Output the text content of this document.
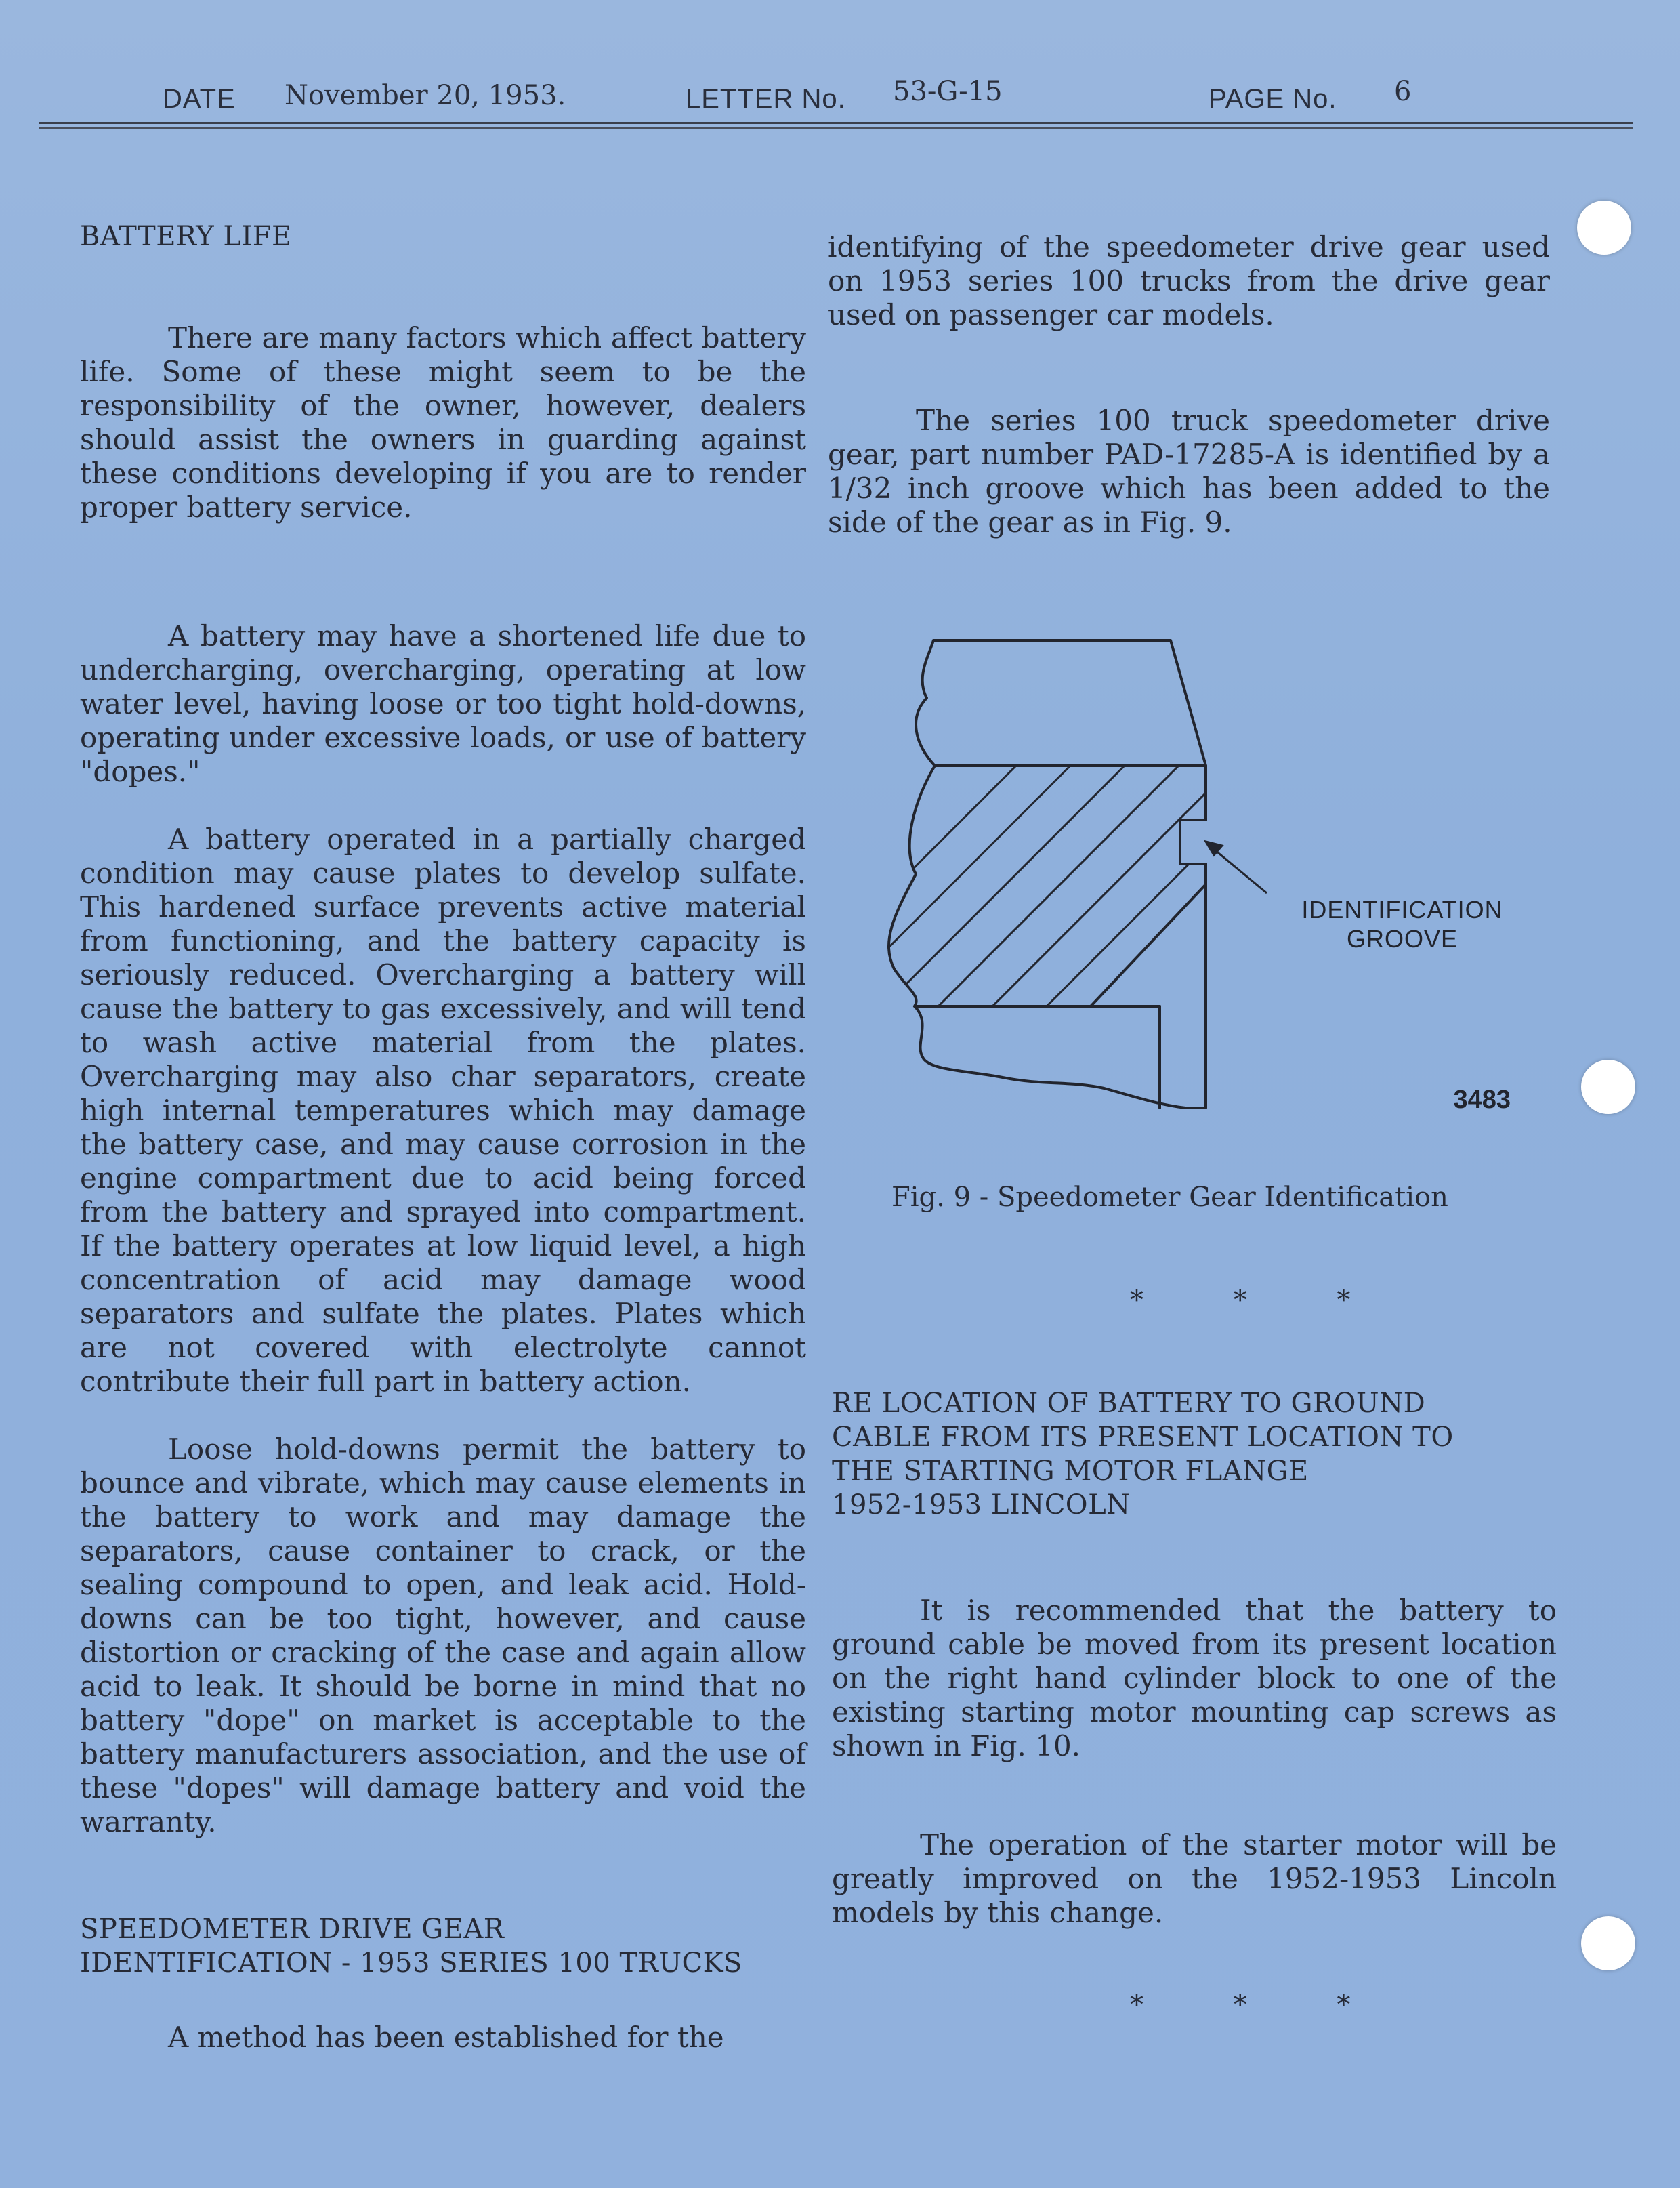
DATE November 20, 1953.	LETTER No. 53-G-15	PAGE No. 6

BATTERY LIFE

There are many factors which affect battery life. Some of these might seem to be the responsibility of the owner, however, dealers should assist the owners in guarding against these conditions developing if you are to render proper battery service.

A battery may have a shortened life due to undercharging, overcharging, operating at low water level, having loose or too tight hold-downs, operating under excessive loads, or use of battery "dopes."

A battery operated in a partially charged condition may cause plates to develop sulfate. This hardened surface prevents active material from functioning, and the battery capacity is seriously reduced. Overcharging a battery will cause the battery to gas excessively, and will tend to wash active material from the plates. Overcharging may also char separators, create high internal temperatures which may damage the battery case, and may cause corrosion in the engine compartment due to acid being forced from the battery and sprayed into compartment. If the battery operates at low liquid level, a high concentration of acid may damage wood separators and sulfate the plates. Plates which are not covered with electrolyte cannot contribute their full part in battery action.

Loose hold-downs permit the battery to bounce and vibrate, which may cause elements in the battery to work and may damage the separators, cause container to crack, or the sealing compound to open, and leak acid. Hold-downs can be too tight, however, and cause distortion or cracking of the case and again allow acid to leak. It should be borne in mind that no battery "dope" on market is acceptable to the battery manufacturers association, and the use of these "dopes" will damage battery and void the warranty.

SPEEDOMETER DRIVE GEAR

IDENTIFICATION - 1953 SERIES 100 TRUCKS

A method has been established for the

identifying of the speedometer drive gear used on 1953 series 100 trucks from the drive gear used on passenger car models.

The series 100 truck speedometer drive gear, part number PAD-17285-A is identified by a 1/32 inch groove which has been added to the side of the gear as in Fig. 9.

IDENTIFICATION
GROOVE
3483
Fig. 9 - Speedometer Gear Identification
* * *

RE LOCATION OF BATTERY TO GROUND

CABLE FROM ITS PRESENT LOCATION TO

THE STARTING MOTOR FLANGE

1952-1953 LINCOLN

It is recommended that the battery to ground cable be moved from its present location on the right hand cylinder block to one of the existing starting motor mounting cap screws as shown in Fig. 10.

The operation of the starter motor will be greatly improved on the 1952-1953 Lincoln models by this change.

* * *
